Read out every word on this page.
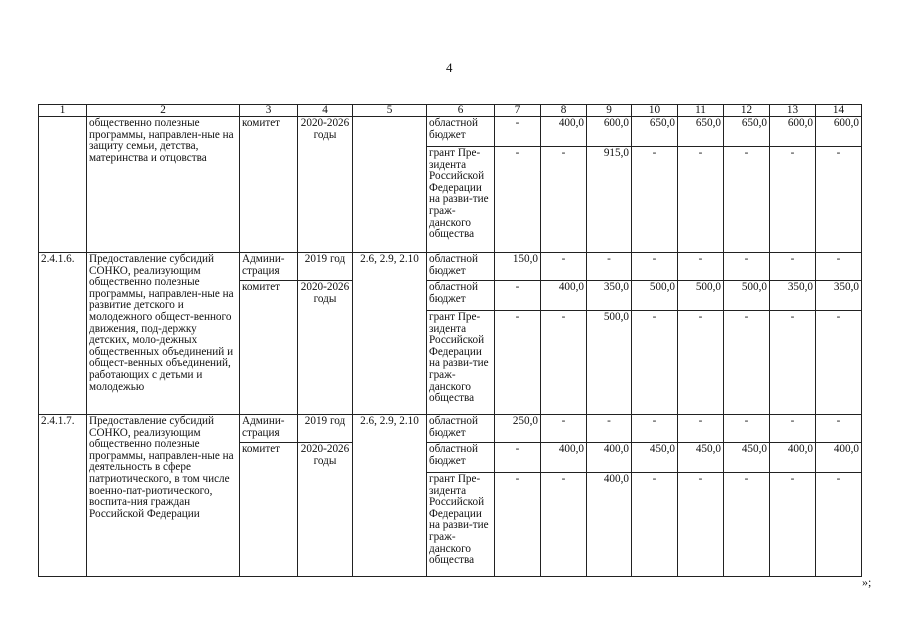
4
1	2	3	4	5	6	7	8	9	10	11	12	13	14
	общественно полезные программы, направлен-ные на защиту семьи, детства, материнства и отцовства	комитет	2020-2026 годы		областной бюджет	-	400,0	600,0	650,0	650,0	650,0	600,0	600,0
					грант Пре-зидента Российской Федерации на разви-тие граж-данского общества	-	-	915,0	-	-	-	-	-
2.4.1.6.	Предоставление субсидий СОНКО, реализующим общественно полезные программы, направлен-ные на развитие детского и молодежного общест-венного движения, под-держку детских, моло-дежных общественных объединений и общест-венных объединений, работающих с детьми и молодежью	Админи-страция	2019 год	2.6, 2.9, 2.10	областной бюджет	150,0	-	-	-	-	-	-	-
		комитет	2020-2026 годы		областной бюджет	-	400,0	350,0	500,0	500,0	500,0	350,0	350,0
					грант Пре-зидента Российской Федерации на разви-тие граж-данского общества	-	-	500,0	-	-	-	-	-
2.4.1.7.	Предоставление субсидий СОНКО, реализующим общественно полезные программы, направлен-ные на деятельность в сфере патриотического, в том числе военно-пат-риотического, воспита-ния граждан Российской Федерации	Админи-страция	2019 год	2.6, 2.9, 2.10	областной бюджет	250,0	-	-	-	-	-	-	-
		комитет	2020-2026 годы		областной бюджет	-	400,0	400,0	450,0	450,0	450,0	400,0	400,0
					грант Пре-зидента Российской Федерации на разви-тие граж-данского общества	-	-	400,0	-	-	-	-	-
»;
